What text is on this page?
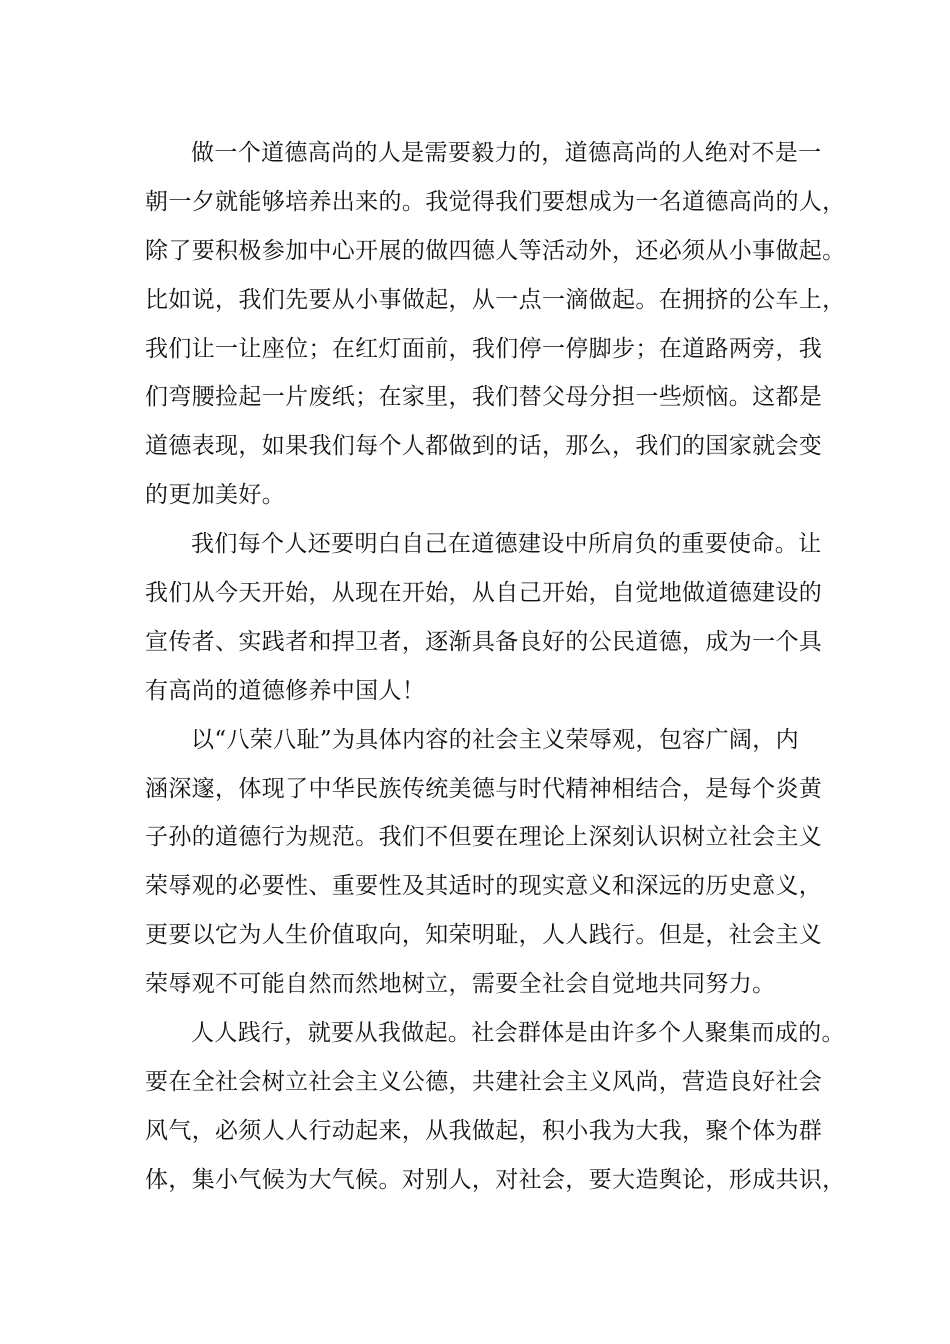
做一个道德高尚的人是需要毅力的，道德高尚的人绝对不是一
朝一夕就能够培养出来的。我觉得我们要想成为一名道德高尚的人，
除了要积极参加中心开展的做四德人等活动外，还必须从小事做起。
比如说，我们先要从小事做起，从一点一滴做起。在拥挤的公车上，
我们让一让座位；在红灯面前，我们停一停脚步；在道路两旁，我
们弯腰捡起一片废纸；在家里，我们替父母分担一些烦恼。这都是
道德表现，如果我们每个人都做到的话，那么，我们的国家就会变
的更加美好。
我们每个人还要明白自己在道德建设中所肩负的重要使命。让
我们从今天开始，从现在开始，从自己开始，自觉地做道德建设的
宣传者、实践者和捍卫者，逐渐具备良好的公民道德，成为一个具
有高尚的道德修养中国人！
以“八荣八耻”为具体内容的社会主义荣辱观，包容广阔，内
涵深邃，体现了中华民族传统美德与时代精神相结合，是每个炎黄
子孙的道德行为规范。我们不但要在理论上深刻认识树立社会主义
荣辱观的必要性、重要性及其适时的现实意义和深远的历史意义，
更要以它为人生价值取向，知荣明耻，人人践行。但是，社会主义
荣辱观不可能自然而然地树立，需要全社会自觉地共同努力。
人人践行，就要从我做起。社会群体是由许多个人聚集而成的。
要在全社会树立社会主义公德，共建社会主义风尚，营造良好社会
风气，必须人人行动起来，从我做起，积小我为大我，聚个体为群
体，集小气候为大气候。对别人，对社会，要大造舆论，形成共识，
